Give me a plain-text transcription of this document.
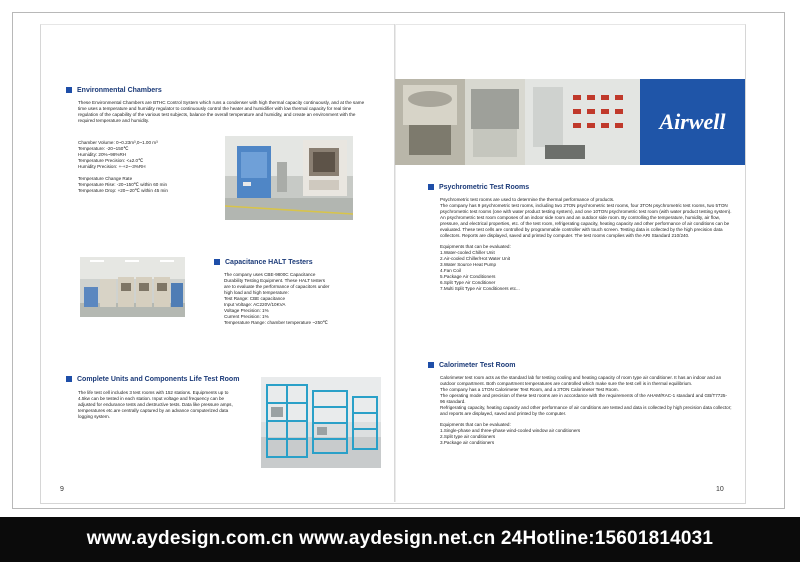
Environmental Chambers

These Environmental Chambers are BTHC Control System which runs a condenser with high thermal capacity continuously, and at the same time uses a temperature and humidity regulator to continuously control the heater and humidifier with low thermal capacity for real time regulation of the capability of the various test subjects, balance the overall temperature and humidity, and create an environment with the required temperature and humidity.

Chamber Volume: 0~0.23m³,0~1.00 m³

Temperature: -20~150℃

Humidity: 20%~98%RH

Temperature Precision: <±2.0℃

Humidity Precision: +-+2~-3%RH

Temperature Change Rate

Temperature Rise: -20~150℃ within 60 min

Temperature Drop: +20~-20℃ within 45 min

Capacitance HALT Testers

The company uses CBE-9800C Capacitance

Durability Testing Equipment. These HALT testers

are to evaluate the performance of capacitors under

high load and high temperature:

Test Range: CBE capacitance

Input Voltage: AC220V/10KVA

Voltage Precision: 1%

Current Precision: 1%

Temperature Range: chamber temperature ~250℃

Complete Units and Components Life Test Room

The life test cell includes 3 test rooms with 152 stations. Equipments up to

4.5kw can be tested in each station. Input voltage and frequency can be

adjusted for endurance tests and destructive tests. Data like pressure amps,

temperatures etc.are centrally captured by an advance computerized data

logging system.

9
Airwell
Psychrometric Test Rooms

Psychrometric test rooms are used to determine the thermal performance of products.

The company has 9 psychrometric test rooms, including two 2TON psychrometric test rooms, four 3TON psychrometric test rooms, two 5TON psychrometric test rooms (one with water product testing system), and one 10TON psychrometric test room (with water product testing system).

An psychrometric test room composes of an indoor side room and an outdoor side room. By controlling the temperature, humidity, air flow, pressure, and electrical properties, etc. of the test room, refrigerating capacity, heating capacity and other performance of air conditions can be evaluated. These test cells are controlled by programmable controller with touch screen. Testing data is collected by the high precision data collectors. Reports are displayed, saved and printed by computer. The test rooms complies with the ARI Standard 210/240.

Equipments that can be evaluated:

1.Water-cooled Chiller Unit

2.Air-cooled Chiller/Hot Water Unit

3.Water Source Heat Pump

4.Fan Coil

5.Package Air Conditioners

6.Split Type Air Conditioner

7.Multi Split Type Air Conditioners etc...

Calorimeter Test Room

Calorimeter test room acts as the standard lab for testing cooling and heating capacity of room type air conditioner. It has an indoor and an outdoor compartment. Both compartment temperatures are controlled which make sure the test cell is in thermal equilibrium.

The company has a 1TON Calorimeter Test Room, and a 3TON Calorimeter Test Room.

The operating mode and precision of these test rooms are in accordance with the requirements of the AHAM/RAC-1 standard and GB/T7725-96 standard.

Refrigerating capacity, heating capacity and other performance of air conditions are tested and data is collected by high precision data collector; and reports are displayed, saved and printed by the computer.

Equipments that can be evaluated:

1.Single-phase and three-phase wind-cooled window air conditioners

2.Split type air conditioners

3.Package air conditioners

10
www.aydesign.com.cn www.aydesign.net.cn 24Hotline:15601814031
